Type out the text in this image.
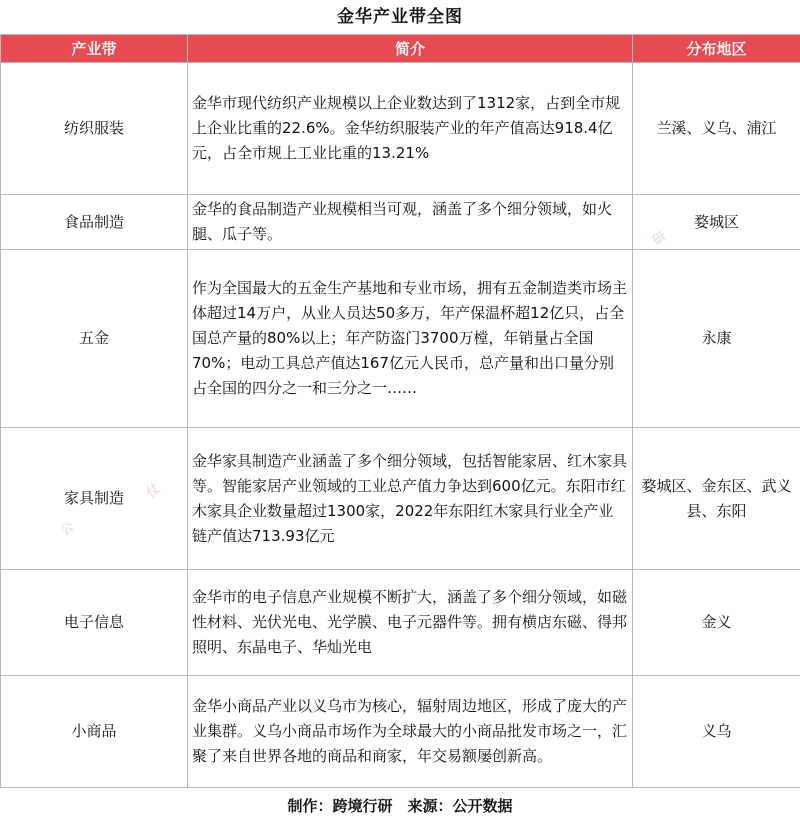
金华产业带全图
产业带	简介	分布地区
纺织服装	金华市现代纺织产业规模以上企业数达到了1312家，占到全市规上企业比重的22.6%。金华纺织服装产业的年产值高达918.4亿元，占全市规上工业比重的13.21%	兰溪、义乌、浦江
食品制造	金华的食品制造产业规模相当可观，涵盖了多个细分领域，如火腿、瓜子等。	婺城区
五金	作为全国最大的五金生产基地和专业市场，拥有五金制造类市场主体超过14万户，从业人员达50多万，年产保温杯超12亿只，占全国总产量的80%以上；年产防盗门3700万樘，年销量占全国70%；电动工具总产值达167亿元人民币，总产量和出口量分别占全国的四分之一和三分之一……	永康
家具制造	金华家具制造产业涵盖了多个细分领域，包括智能家居、红木家具等。智能家居产业领域的工业总产值力争达到600亿元。东阳市红木家具企业数量超过1300家，2022年东阳红木家具行业全产业链产值达713.93亿元	婺城区、金东区、武义县、东阳
电子信息	金华市的电子信息产业规模不断扩大，涵盖了多个细分领域，如磁性材料、光伏光电、光学膜、电子元器件等。拥有横店东磁、得邦照明、东晶电子、华灿光电	金义
小商品	金华小商品产业以义乌市为核心，辐射周边地区，形成了庞大的产业集群。义乌小商品市场作为全球最大的小商品批发市场之一，汇聚了来自世界各地的商品和商家，年交易额屡创新高。	义乌
制作：跨境行研　来源：公开数据
研
公
仗
